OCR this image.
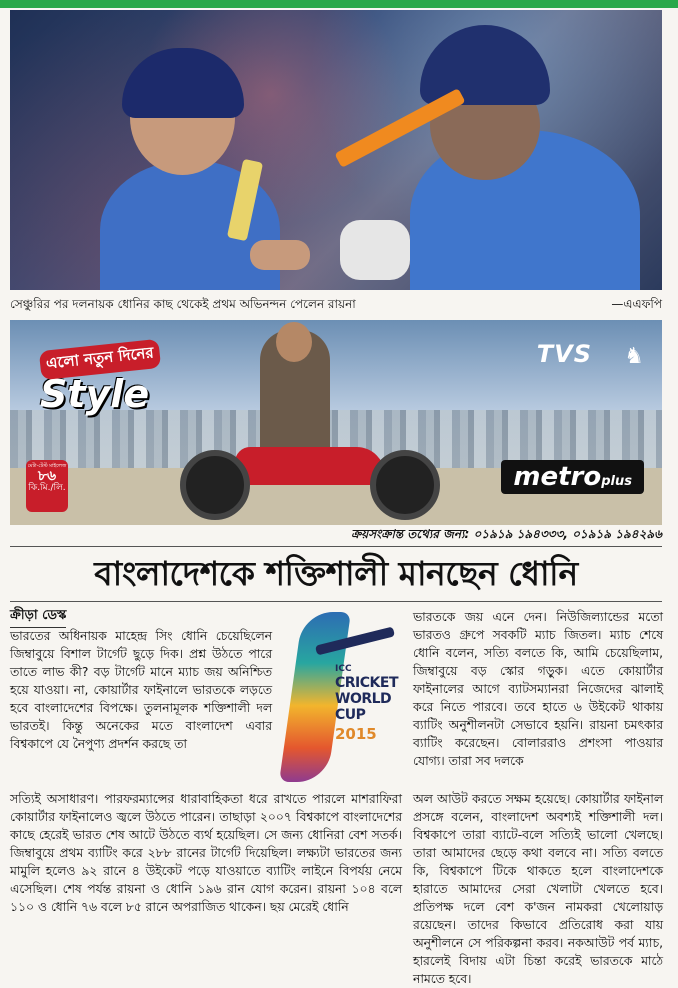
সেঞ্চুরির পর দলনায়ক ধোনির কাছ থেকেই প্রথম অভিনন্দন পেলেন রায়না	—এএফপি
এলো নতুন দিনের
Style
TVS ♞
মেটা-টেস্ট মাইলেজ
৮৬
কি.মি./লি.	metroplus
ক্রয়সংক্রান্ত তথ্যের জন্য: ০১৯১৯ ১৯৪৩৩৩, ০১৯১৯ ১৯৪২৯৬
বাংলাদেশকে শক্তিশালী মানছেন ধোনি
ক্রীড়া ডেস্ক

ভারতের অধিনায়ক মাহেন্দ্র সিং ধোনি চেয়েছিলেন জিম্বাবুয়ে বিশাল টার্গেট ছুড়ে দিক। প্রশ্ন উঠতে পারে তাতে লাভ কী? বড় টার্গেট মানে ম্যাচ জয় অনিশ্চিত হয়ে যাওয়া। না, কোয়ার্টার ফাইনালে ভারতকে লড়তে হবে বাংলাদেশের বিপক্ষে। তুলনামূলক শক্তিশালী দল ভারতই। কিন্তু অনেকের মতে বাংলাদেশ এবার বিশ্বকাপে যে নৈপুণ্য প্রদর্শন করছে তা

ICC
CRICKET
WORLD
CUP
2015

ভারতকে জয় এনে দেন। নিউজিল্যান্ডের মতো ভারতও গ্রুপে সবকটি ম্যাচ জিতল। ম্যাচ শেষে ধোনি বলেন, সত্যি বলতে কি, আমি চেয়েছিলাম, জিম্বাবুয়ে বড় স্কোর গড়ুক। এতে কোয়ার্টার ফাইনালের আগে ব্যাটসম্যানরা নিজেদের ঝালাই করে নিতে পারবে। তবে হাতে ৬ উইকেট থাকায় ব্যাটিং অনুশীলনটা সেভাবে হয়নি। রায়না চমৎকার ব্যাটিং করেছেন। বোলাররাও প্রশংসা পাওয়ার যোগ্য। তারা সব দলকে

সত্যিই অসাধারণ। পারফরম্যান্সের ধারাবাহিকতা ধরে রাখতে পারলে মাশরাফিরা কোয়ার্টার ফাইনালেও জ্বলে উঠতে পারেন। তাছাড়া ২০০৭ বিশ্বকাপে বাংলাদেশের কাছে হেরেই ভারত শেষ আটে উঠতে ব্যর্থ হয়েছিল। সে জন্য ধোনিরা বেশ সতর্ক। জিম্বাবুয়ে প্রথম ব্যাটিং করে ২৮৮ রানের টার্গেট দিয়েছিল। লক্ষ্যটা ভারতের জন্য মামুলি হলেও ৯২ রানে ৪ উইকেট পড়ে যাওয়াতে ব্যাটিং লাইনে বিপর্যয় নেমে এসেছিল। শেষ পর্যন্ত রায়না ও ধোনি ১৯৬ রান যোগ করেন। রায়না ১০৪ বলে ১১০ ও ধোনি ৭৬ বলে ৮৫ রানে অপরাজিত থাকেন। ছয় মেরেই ধোনি

অল আউট করতে সক্ষম হয়েছে। কোয়ার্টার ফাইনাল প্রসঙ্গে বলেন, বাংলাদেশ অবশ্যই শক্তিশালী দল। বিশ্বকাপে তারা ব্যাটে-বলে সত্যিই ভালো খেলছে। তারা আমাদের ছেড়ে কথা বলবে না। সত্যি বলতে কি, বিশ্বকাপে টিকে থাকতে হলে বাংলাদেশকে হারাতে আমাদের সেরা খেলাটা খেলতে হবে। প্রতিপক্ষ দলে বেশ ক'জন নামকরা খেলোয়াড় রয়েছেন। তাদের কিভাবে প্রতিরোধ করা যায় অনুশীলনে সে পরিকল্পনা করব। নকআউট পর্ব ম্যাচ, হারলেই বিদায় এটা চিন্তা করেই ভারতকে মাঠে নামতে হবে।
